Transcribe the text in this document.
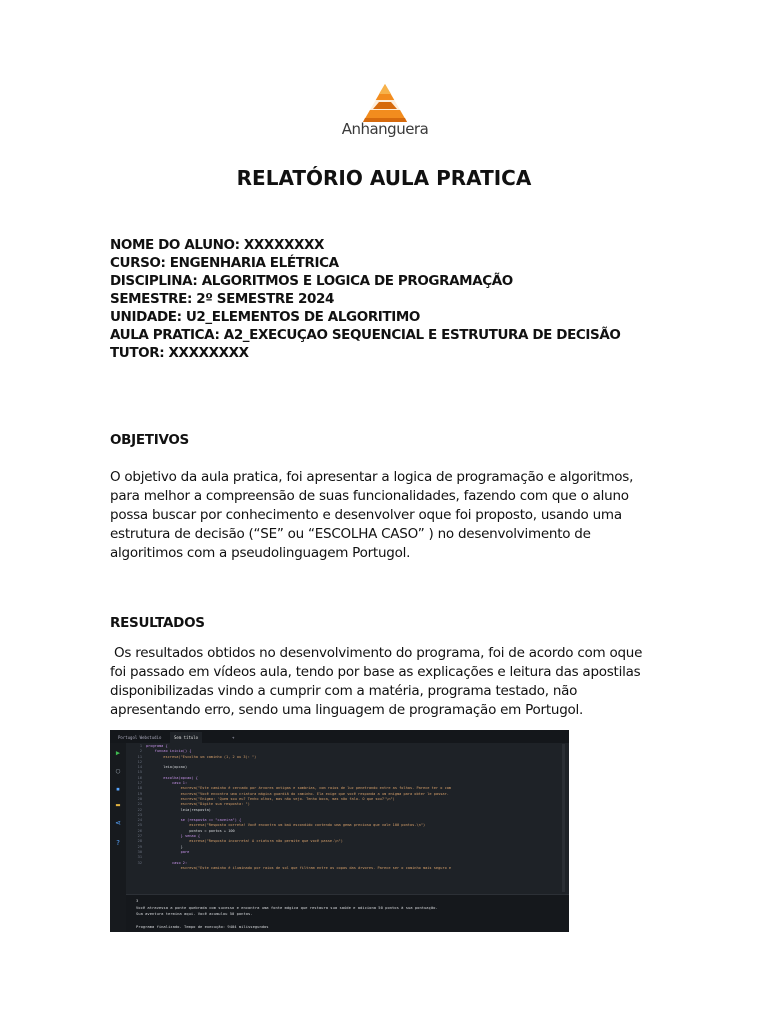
Anhanguera
RELATÓRIO AULA PRATICA
NOME DO ALUNO: XXXXXXXX
CURSO: ENGENHARIA ELÉTRICA
DISCIPLINA: ALGORITMOS E LOGICA DE PROGRAMAÇÃO
SEMESTRE: 2º SEMESTRE 2024
UNIDADE: U2_ELEMENTOS DE ALGORITIMO
AULA PRATICA: A2_EXECUÇAO SEQUENCIAL E ESTRUTURA DE DECISÃO
TUTOR: XXXXXXXX
OBJETIVOS

O objetivo da aula pratica, foi apresentar a logica de programação e algoritmos, para melhor a compreensão de suas funcionalidades, fazendo com que o aluno possa buscar por conhecimento e desenvolver oque foi proposto, usando uma estrutura de decisão (“SE” ou “ESCOLHA CASO” ) no desenvolvimento de algoritimos com a pseudolinguagem Portugol.

RESULTADOS

Os resultados obtidos no desenvolvimento do programa, foi de acordo com oque foi passado em vídeos aula, tendo por base as explicações e leitura das apostilas disponibilizadas vindo a cumprir com a matéria, programa testado, não apresentando erro, sendo uma linguagem de programação em Portugol.

Portugol Webstudio	Sem título	+
▶
◯
▪
▬
⋖
?
1
2
11
12
14
15
16
17
18
19
20
21
22
23
24
25
26
27
28
29
30
31
32
programa {
funcao inicio() {
escreva("Escolha um caminho (1, 2 ou 3): ")

leia(opcao)

escolha(opcao) {
caso 1:
escreva("Este caminho é cercado por árvores antigas e sombrias, com raios de luz penetrando entre as folhas. Parece ter o cam
escreva("Você encontra uma criatura mágica guardiã do caminho. Ela exige que você responda a um enigma para obter le passar.
escreva("Enigma: 'Quem sou eu? Tenho olhos, mas não vejo. Tenho boca, mas não falo. O que sou?'\n")
escreva("Digite sua resposta: ")
leia(resposta)

se (resposta == "caveira") {
escreva("Resposta correta! Você encontra um baú escondido contendo uma gema preciosa que vale 100 pontos.\n")
pontos = pontos + 100
} senao {
escreva("Resposta incorreta! A criatura não permite que você passe.\n")
}
pare

caso 2:
escreva("Este caminho é iluminado por raios de sol que filtram entre as copas das árvores. Parece ser o caminho mais seguro e
3
Você atravessa a ponte quebrada com sucesso e encontra uma fonte mágica que restaura sua saúde e adiciona 50 pontos à sua pontuação.
Sua aventura termina aqui. Você acumulou 50 pontos.
Programa finalizado. Tempo de execução: 9404 milissegundos
